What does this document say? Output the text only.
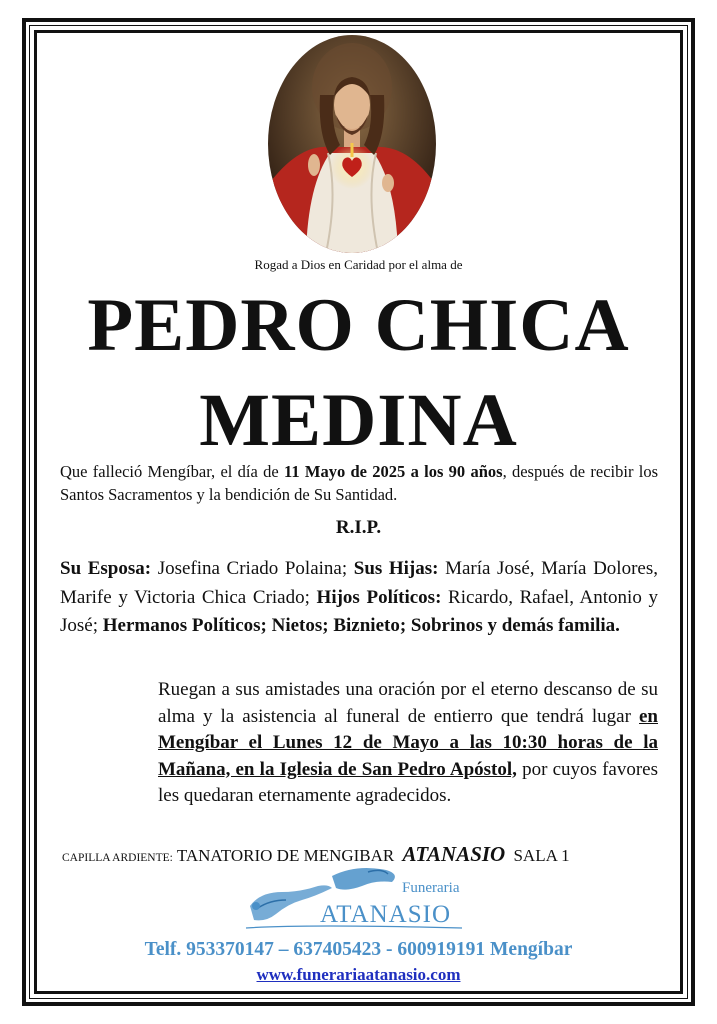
Rogad a Dios en Caridad por el alma de
PEDRO CHICA
MEDINA
Que falleció Mengíbar, el día de 11 Mayo de 2025 a los 90 años, después de recibir los Santos Sacramentos y la bendición de Su Santidad.
R.I.P.
Su Esposa: Josefina Criado Polaina; Sus Hijas: María José, María Dolores, Marife y Victoria Chica Criado; Hijos Políticos: Ricardo, Rafael, Antonio y José; Hermanos Políticos; Nietos; Biznieto; Sobrinos y demás familia.
Ruegan a sus amistades una oración por el eterno descanso de su alma y la asistencia al funeral de entierro que tendrá lugar en Mengíbar el Lunes 12 de Mayo a las 10:30 horas de la Mañana, en la Iglesia de San Pedro Apóstol, por cuyos favores les quedaran eternamente agradecidos.
CAPILLA ARDIENTE: TANATORIO DE MENGIBAR ATANASIO SALA 1
Funeraria
ATANASIO
Telf. 953370147 – 637405423 - 600919191 Mengíbar
www.funerariaatanasio.com
